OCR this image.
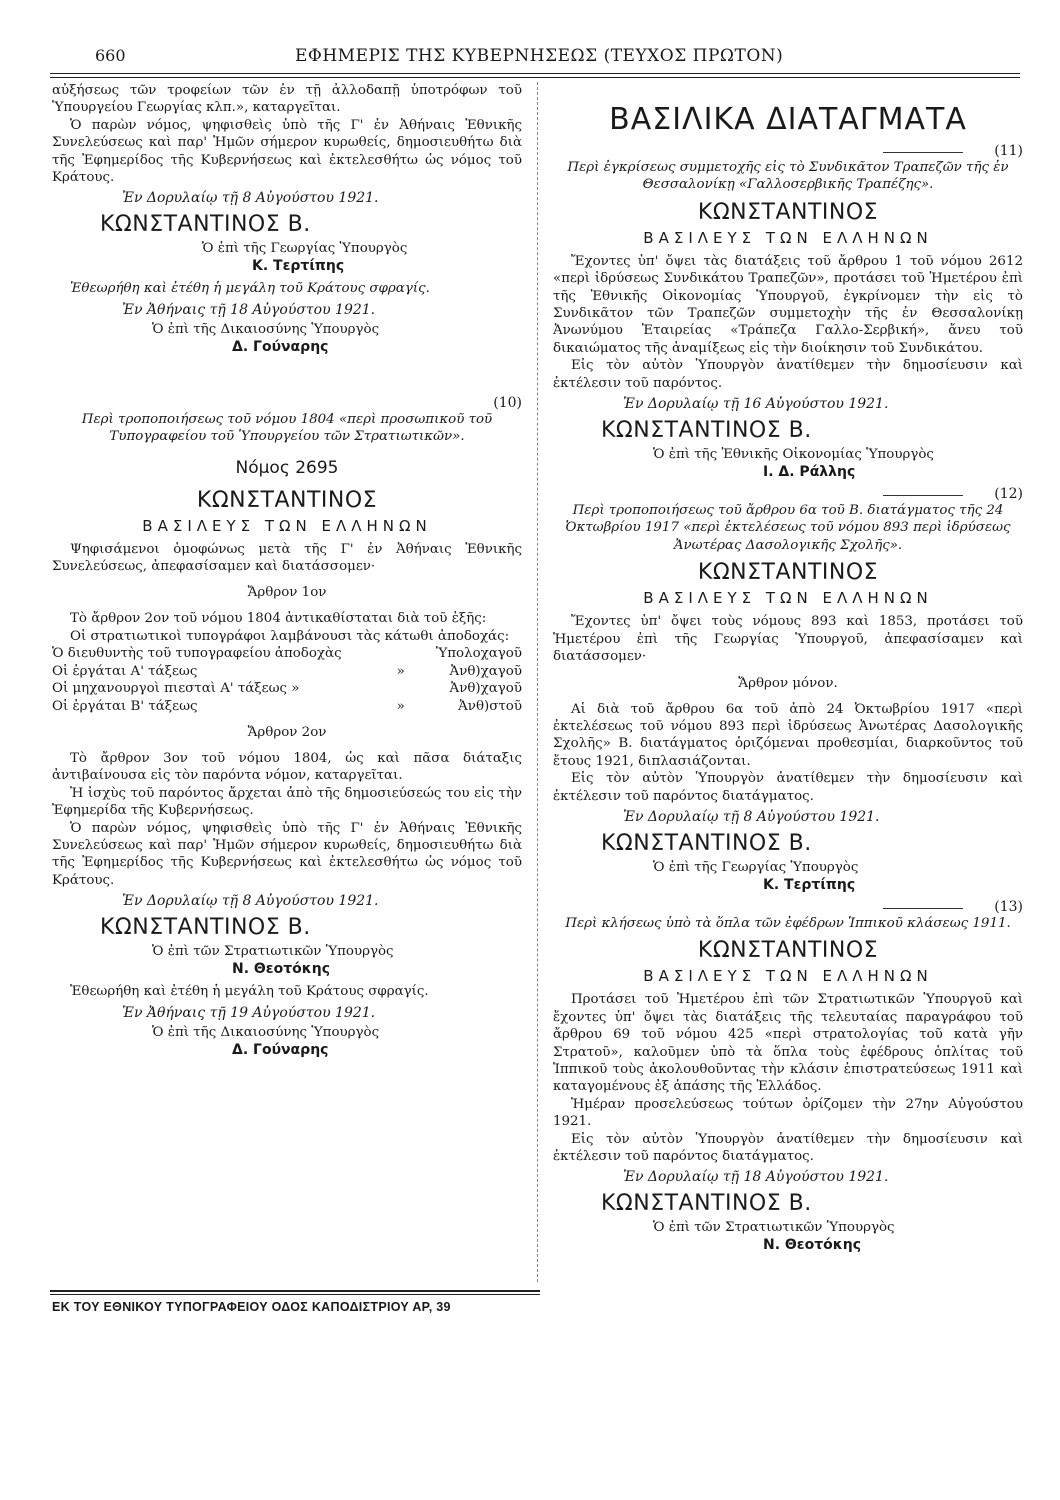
660	ΕΦΗΜΕΡΙΣ ΤΗΣ ΚΥΒΕΡΝΗΣΕΩΣ (ΤΕΥΧΟΣ ΠΡΩΤΟΝ)

αὐξήσεως τῶν τροφείων τῶν ἐν τῇ ἀλλοδαπῇ ὑποτρόφων τοῦ Ὑπουργείου Γεωργίας κλπ.», καταργεῖται.

Ὁ παρὼν νόμος, ψηφισθεὶς ὑπὸ τῆς Γ' ἐν Ἀθήναις Ἐθνικῆς Συνελεύσεως καὶ παρ' Ἡμῶν σήμερον κυρωθείς, δημοσιευθήτω διὰ τῆς Ἐφημερίδος τῆς Κυβερνήσεως καὶ ἐκτελεσθήτω ὡς νόμος τοῦ Κράτους.

Ἐν Δορυλαίῳ τῇ 8 Αὐγούστου 1921.

ΚΩΝΣΤΑΝΤΙΝΟΣ Β.

Ὁ ἐπὶ τῆς Γεωργίας Ὑπουργὸς

Κ. Τερτίπης

Ἐθεωρήθη καὶ ἐτέθη ἡ μεγάλη τοῦ Κράτους σφραγίς.

Ἐν Ἀθήναις τῇ 18 Αὐγούστου 1921.

Ὁ ἐπὶ τῆς Δικαιοσύνης Ὑπουργὸς

Δ. Γούναρης

(10)

Περὶ τροποποιήσεως τοῦ νόμου 1804 «περὶ προσωπικοῦ τοῦ Τυπογραφείου τοῦ Ὑπουργείου τῶν Στρατιωτικῶν».

Νόμος 2695

ΚΩΝΣΤΑΝΤΙΝΟΣ

ΒΑΣΙΛΕΥΣ ΤΩΝ ΕΛΛΗΝΩΝ

Ψηφισάμενοι ὁμοφώνως μετὰ τῆς Γ' ἐν Ἀθήναις Ἐθνικῆς Συνελεύσεως, ἀπεφασίσαμεν καὶ διατάσσομεν·

Ἄρθρον 1ον

Τὸ ἄρθρον 2ον τοῦ νόμου 1804 ἀντικαθίσταται διὰ τοῦ ἑξῆς:

Οἱ στρατιωτικοὶ τυπογράφοι λαμβάνουσι τὰς κάτωθι ἀποδοχάς:

Ὁ διευθυντὴς τοῦ τυπογραφείου ἀποδοχὰς		Ὑπολοχαγοῦ
Οἱ ἐργάται Α' τάξεως	»	Ἀνθ)χαγοῦ
Οἱ μηχανουργοὶ πιεσταὶ Α' τάξεως »		Ἀνθ)χαγοῦ
Οἱ ἐργάται Β' τάξεως	»	Ἀνθ)στοῦ

Ἄρθρον 2ον

Τὸ ἄρθρον 3ον τοῦ νόμου 1804, ὡς καὶ πᾶσα διάταξις ἀντιβαίνουσα εἰς τὸν παρόντα νόμον, καταργεῖται.

Ἡ ἰσχὺς τοῦ παρόντος ἄρχεται ἀπὸ τῆς δημοσιεύσεώς του εἰς τὴν Ἐφημερίδα τῆς Κυβερνήσεως.

Ὁ παρὼν νόμος, ψηφισθεὶς ὑπὸ τῆς Γ' ἐν Ἀθήναις Ἐθνικῆς Συνελεύσεως καὶ παρ' Ἡμῶν σήμερον κυρωθείς, δημοσιευθήτω διὰ τῆς Ἐφημερίδος τῆς Κυβερνήσεως καὶ ἐκτελεσθήτω ὡς νόμος τοῦ Κράτους.

Ἐν Δορυλαίῳ τῇ 8 Αὐγούστου 1921.

ΚΩΝΣΤΑΝΤΙΝΟΣ Β.

Ὁ ἐπὶ τῶν Στρατιωτικῶν Ὑπουργὸς

Ν. Θεοτόκης

Ἐθεωρήθη καὶ ἐτέθη ἡ μεγάλη τοῦ Κράτους σφραγίς.

Ἐν Ἀθήναις τῇ 19 Αὐγούστου 1921.

Ὁ ἐπὶ τῆς Δικαιοσύνης Ὑπουργὸς

Δ. Γούναρης

ΒΑΣΙΛΙΚΑ ΔΙΑΤΑΓΜΑΤΑ

(11)

Περὶ ἐγκρίσεως συμμετοχῆς εἰς τὸ Συνδικᾶτον Τραπεζῶν τῆς ἐν Θεσσαλονίκῃ «Γαλλοσερβικῆς Τραπέζης».

ΚΩΝΣΤΑΝΤΙΝΟΣ

ΒΑΣΙΛΕΥΣ ΤΩΝ ΕΛΛΗΝΩΝ

Ἔχοντες ὑπ' ὄψει τὰς διατάξεις τοῦ ἄρθρου 1 τοῦ νόμου 2612 «περὶ ἱδρύσεως Συνδικάτου Τραπεζῶν», προτάσει τοῦ Ἡμετέρου ἐπὶ τῆς Ἐθνικῆς Οἰκονομίας Ὑπουργοῦ, ἐγκρίνομεν τὴν εἰς τὸ Συνδικᾶτον τῶν Τραπεζῶν συμμετοχὴν τῆς ἐν Θεσσαλονίκῃ Ἀνωνύμου Ἑταιρείας «Τράπεζα Γαλλο-Σερβική», ἄνευ τοῦ δικαιώματος τῆς ἀναμίξεως εἰς τὴν διοίκησιν τοῦ Συνδικάτου.

Εἰς τὸν αὐτὸν Ὑπουργὸν ἀνατίθεμεν τὴν δημοσίευσιν καὶ ἐκτέλεσιν τοῦ παρόντος.

Ἐν Δορυλαίῳ τῇ 16 Αὐγούστου 1921.

ΚΩΝΣΤΑΝΤΙΝΟΣ Β.

Ὁ ἐπὶ τῆς Ἐθνικῆς Οἰκονομίας Ὑπουργὸς

Ι. Δ. Ράλλης

(12)

Περὶ τροποποιήσεως τοῦ ἄρθρου 6α τοῦ Β. διατάγματος τῆς 24 Ὀκτωβρίου 1917 «περὶ ἐκτελέσεως τοῦ νόμου 893 περὶ ἱδρύσεως Ἀνωτέρας Δασολογικῆς Σχολῆς».

ΚΩΝΣΤΑΝΤΙΝΟΣ

ΒΑΣΙΛΕΥΣ ΤΩΝ ΕΛΛΗΝΩΝ

Ἔχοντες ὑπ' ὄψει τοὺς νόμους 893 καὶ 1853, προτάσει τοῦ Ἡμετέρου ἐπὶ τῆς Γεωργίας Ὑπουργοῦ, ἀπεφασίσαμεν καὶ διατάσσομεν·

Ἄρθρον μόνον.

Αἱ διὰ τοῦ ἄρθρου 6α τοῦ ἀπὸ 24 Ὀκτωβρίου 1917 «περὶ ἐκτελέσεως τοῦ νόμου 893 περὶ ἱδρύσεως Ἀνωτέρας Δασολογικῆς Σχολῆς» Β. διατάγματος ὁριζόμεναι προθεσμίαι, διαρκοῦντος τοῦ ἔτους 1921, διπλασιάζονται.

Εἰς τὸν αὐτὸν Ὑπουργὸν ἀνατίθεμεν τὴν δημοσίευσιν καὶ ἐκτέλεσιν τοῦ παρόντος διατάγματος.

Ἐν Δορυλαίῳ τῇ 8 Αὐγούστου 1921.

ΚΩΝΣΤΑΝΤΙΝΟΣ Β.

Ὁ ἐπὶ τῆς Γεωργίας Ὑπουργὸς

Κ. Τερτίπης

(13)

Περὶ κλήσεως ὑπὸ τὰ ὅπλα τῶν ἐφέδρων Ἱππικοῦ κλάσεως 1911.

ΚΩΝΣΤΑΝΤΙΝΟΣ

ΒΑΣΙΛΕΥΣ ΤΩΝ ΕΛΛΗΝΩΝ

Προτάσει τοῦ Ἡμετέρου ἐπὶ τῶν Στρατιωτικῶν Ὑπουργοῦ καὶ ἔχοντες ὑπ' ὄψει τὰς διατάξεις τῆς τελευταίας παραγράφου τοῦ ἄρθρου 69 τοῦ νόμου 425 «περὶ στρατολογίας τοῦ κατὰ γῆν Στρατοῦ», καλοῦμεν ὑπὸ τὰ ὅπλα τοὺς ἐφέδρους ὁπλίτας τοῦ Ἱππικοῦ τοὺς ἀκολουθοῦντας τὴν κλάσιν ἐπιστρατεύσεως 1911 καὶ καταγομένους ἐξ ἁπάσης τῆς Ἑλλάδος.

Ἡμέραν προσελεύσεως τούτων ὁρίζομεν τὴν 27ην Αὐγούστου 1921.

Εἰς τὸν αὐτὸν Ὑπουργὸν ἀνατίθεμεν τὴν δημοσίευσιν καὶ ἐκτέλεσιν τοῦ παρόντος διατάγματος.

Ἐν Δορυλαίῳ τῇ 18 Αὐγούστου 1921.

ΚΩΝΣΤΑΝΤΙΝΟΣ Β.

Ὁ ἐπὶ τῶν Στρατιωτικῶν Ὑπουργὸς

Ν. Θεοτόκης

ΕΚ ΤΟΥ ΕΘΝΙΚΟΥ ΤΥΠΟΓΡΑΦΕΙΟΥ ΟΔΟΣ ΚΑΠΟΔΙΣΤΡΙΟΥ ΑΡ, 39
